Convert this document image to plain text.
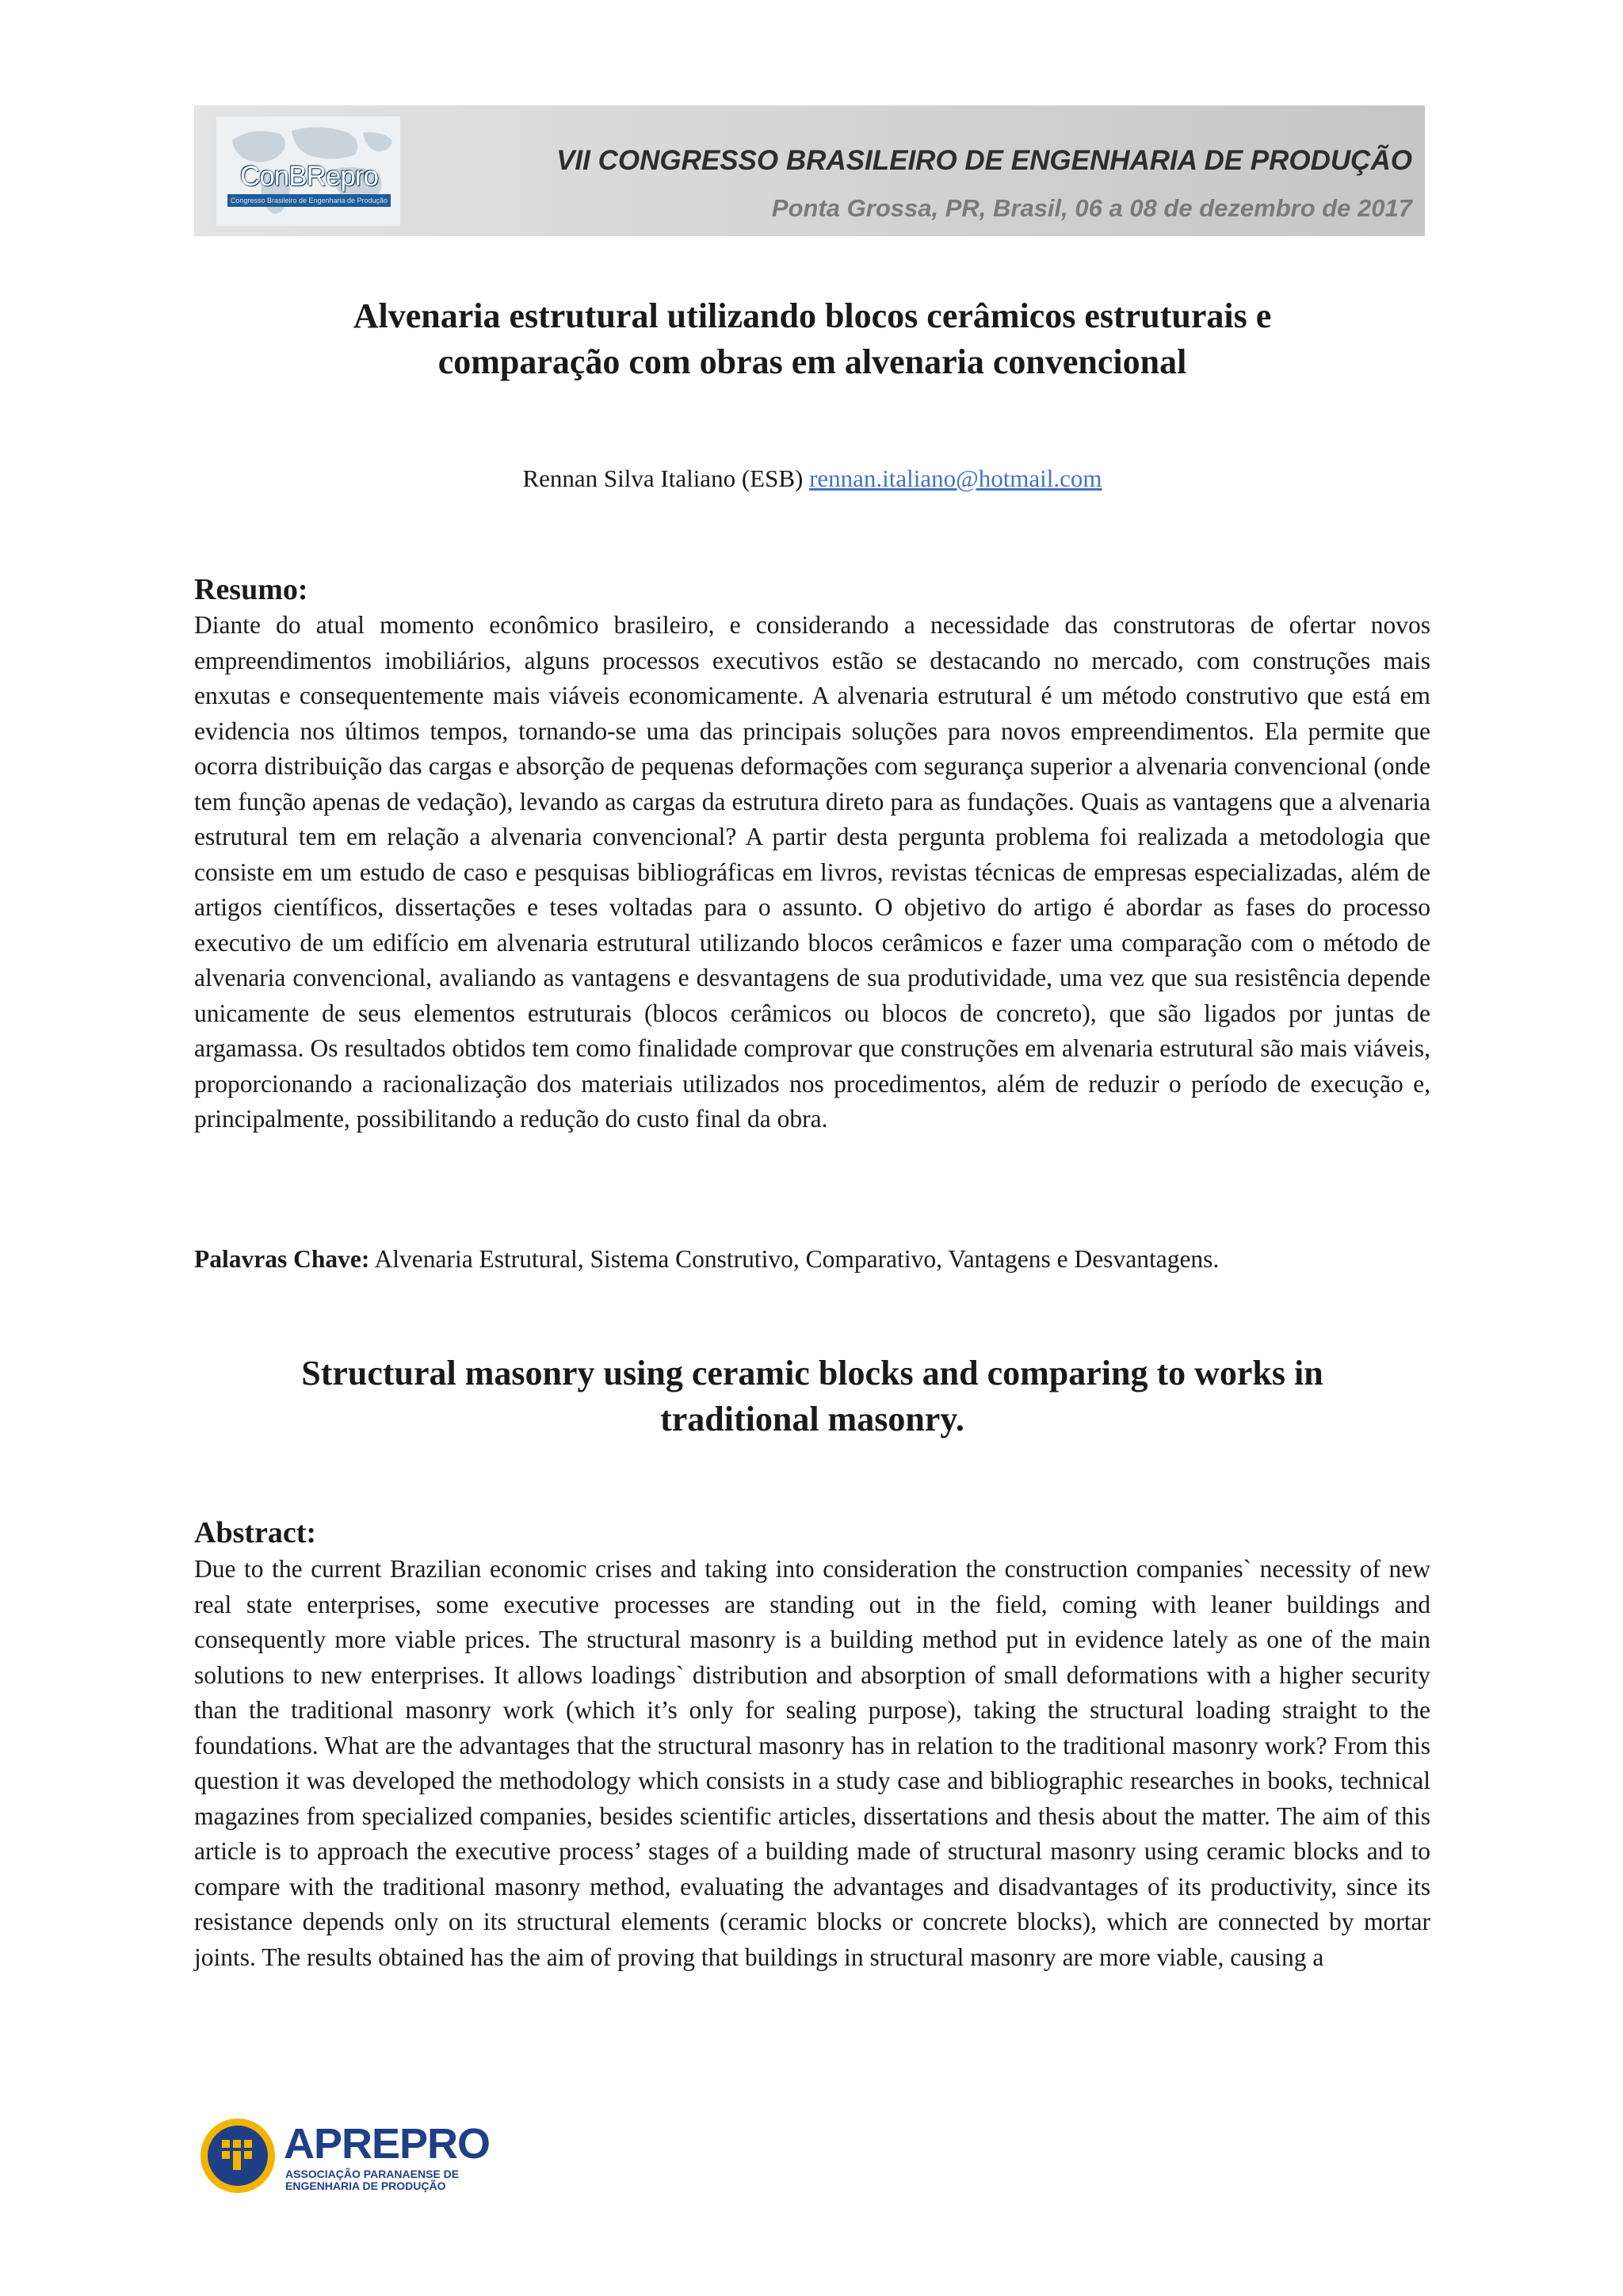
ConBRepro
Congresso Brasileiro de Engenharia de Produção
VII CONGRESSO BRASILEIRO DE ENGENHARIA DE PRODUÇÃO
Ponta Grossa, PR, Brasil, 06 a 08 de dezembro de 2017
Alvenaria estrutural utilizando blocos cerâmicos estruturais e
comparação com obras em alvenaria convencional
Rennan Silva Italiano (ESB) rennan.italiano@hotmail.com
Resumo:

Diante do atual momento econômico brasileiro, e considerando a necessidade das construtoras de ofertar novos empreendimentos imobiliários, alguns processos executivos estão se destacando no mercado, com construções mais enxutas e consequentemente mais viáveis economicamente. A alvenaria estrutural é um método construtivo que está em evidencia nos últimos tempos, tornando-se uma das principais soluções para novos empreendimentos. Ela permite que ocorra distribuição das cargas e absorção de pequenas deformações com segurança superior a alvenaria convencional (onde tem função apenas de vedação), levando as cargas da estrutura direto para as fundações. Quais as vantagens que a alvenaria estrutural tem em relação a alvenaria convencional? A partir desta pergunta problema foi realizada a metodologia que consiste em um estudo de caso e pesquisas bibliográficas em livros, revistas técnicas de empresas especializadas, além de artigos científicos, dissertações e teses voltadas para o assunto. O objetivo do artigo é abordar as fases do processo executivo de um edifício em alvenaria estrutural utilizando blocos cerâmicos e fazer uma comparação com o método de alvenaria convencional, avaliando as vantagens e desvantagens de sua produtividade, uma vez que sua resistência depende unicamente de seus elementos estruturais (blocos cerâmicos ou blocos de concreto), que são ligados por juntas de argamassa. Os resultados obtidos tem como finalidade comprovar que construções em alvenaria estrutural são mais viáveis, proporcionando a racionalização dos materiais utilizados nos procedimentos, além de reduzir o período de execução e, principalmente, possibilitando a redução do custo final da obra.

Palavras Chave: Alvenaria Estrutural, Sistema Construtivo, Comparativo, Vantagens e Desvantagens.

Structural masonry using ceramic blocks and comparing to works in
traditional masonry.
Abstract:

Due to the current Brazilian economic crises and taking into consideration the construction companies` necessity of new real state enterprises, some executive processes are standing out in the field, coming with leaner buildings and consequently more viable prices. The structural masonry is a building method put in evidence lately as one of the main solutions to new enterprises. It allows loadings` distribution and absorption of small deformations with a higher security than the traditional masonry work (which it’s only for sealing purpose), taking the structural loading straight to the foundations. What are the advantages that the structural masonry has in relation to the traditional masonry work? From this question it was developed the methodology which consists in a study case and bibliographic researches in books, technical magazines from specialized companies, besides scientific articles, dissertations and thesis about the matter. The aim of this article is to approach the executive process’ stages of a building made of structural masonry using ceramic blocks and to compare with the traditional masonry method, evaluating the advantages and disadvantages of its productivity, since its resistance depends only on its structural elements (ceramic blocks or concrete blocks), which are connected by mortar joints. The results obtained has the aim of proving that buildings in structural masonry are more viable, causing a

APREPRO
ASSOCIAÇÃO PARANAENSE DE
ENGENHARIA DE PRODUÇÃO
